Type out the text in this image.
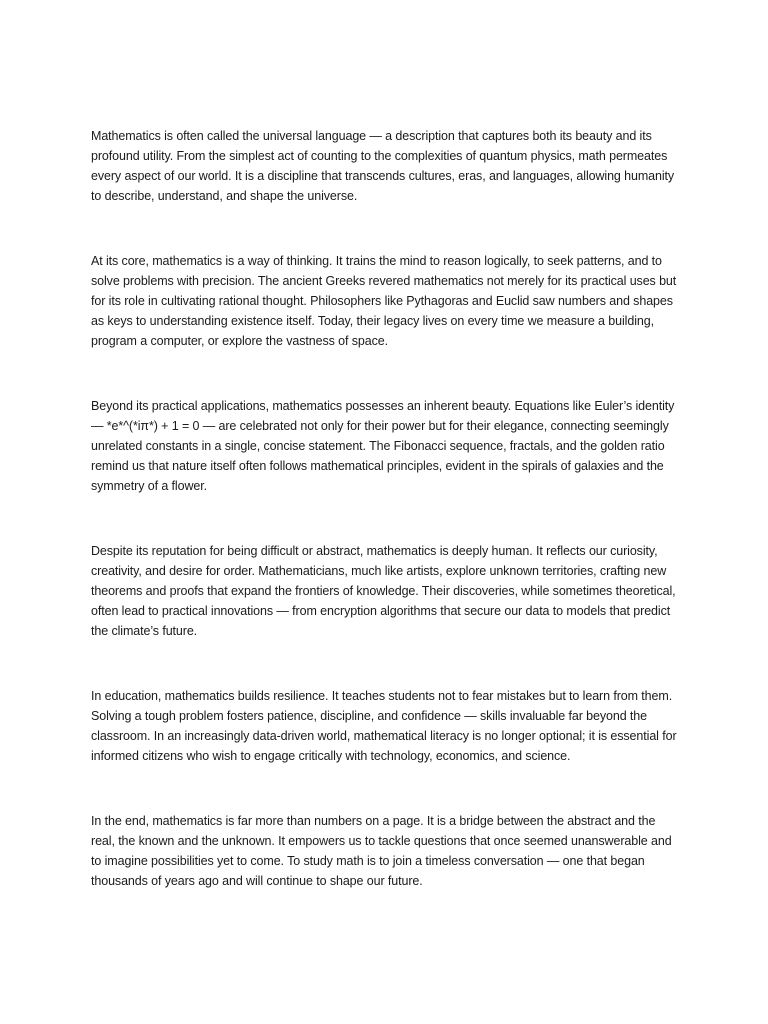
Mathematics is often called the universal language — a description that captures both its beauty and its profound utility. From the simplest act of counting to the complexities of quantum physics, math permeates every aspect of our world. It is a discipline that transcends cultures, eras, and languages, allowing humanity to describe, understand, and shape the universe.

At its core, mathematics is a way of thinking. It trains the mind to reason logically, to seek patterns, and to solve problems with precision. The ancient Greeks revered mathematics not merely for its practical uses but for its role in cultivating rational thought. Philosophers like Pythagoras and Euclid saw numbers and shapes as keys to understanding existence itself. Today, their legacy lives on every time we measure a building, program a computer, or explore the vastness of space.

Beyond its practical applications, mathematics possesses an inherent beauty. Equations like Euler’s identity — *e*^(*iπ*) + 1 = 0 — are celebrated not only for their power but for their elegance, connecting seemingly unrelated constants in a single, concise statement. The Fibonacci sequence, fractals, and the golden ratio remind us that nature itself often follows mathematical principles, evident in the spirals of galaxies and the symmetry of a flower.

Despite its reputation for being difficult or abstract, mathematics is deeply human. It reflects our curiosity, creativity, and desire for order. Mathematicians, much like artists, explore unknown territories, crafting new theorems and proofs that expand the frontiers of knowledge. Their discoveries, while sometimes theoretical, often lead to practical innovations — from encryption algorithms that secure our data to models that predict the climate’s future.

In education, mathematics builds resilience. It teaches students not to fear mistakes but to learn from them. Solving a tough problem fosters patience, discipline, and confidence — skills invaluable far beyond the classroom. In an increasingly data-driven world, mathematical literacy is no longer optional; it is essential for informed citizens who wish to engage critically with technology, economics, and science.

In the end, mathematics is far more than numbers on a page. It is a bridge between the abstract and the real, the known and the unknown. It empowers us to tackle questions that once seemed unanswerable and to imagine possibilities yet to come. To study math is to join a timeless conversation — one that began thousands of years ago and will continue to shape our future.
